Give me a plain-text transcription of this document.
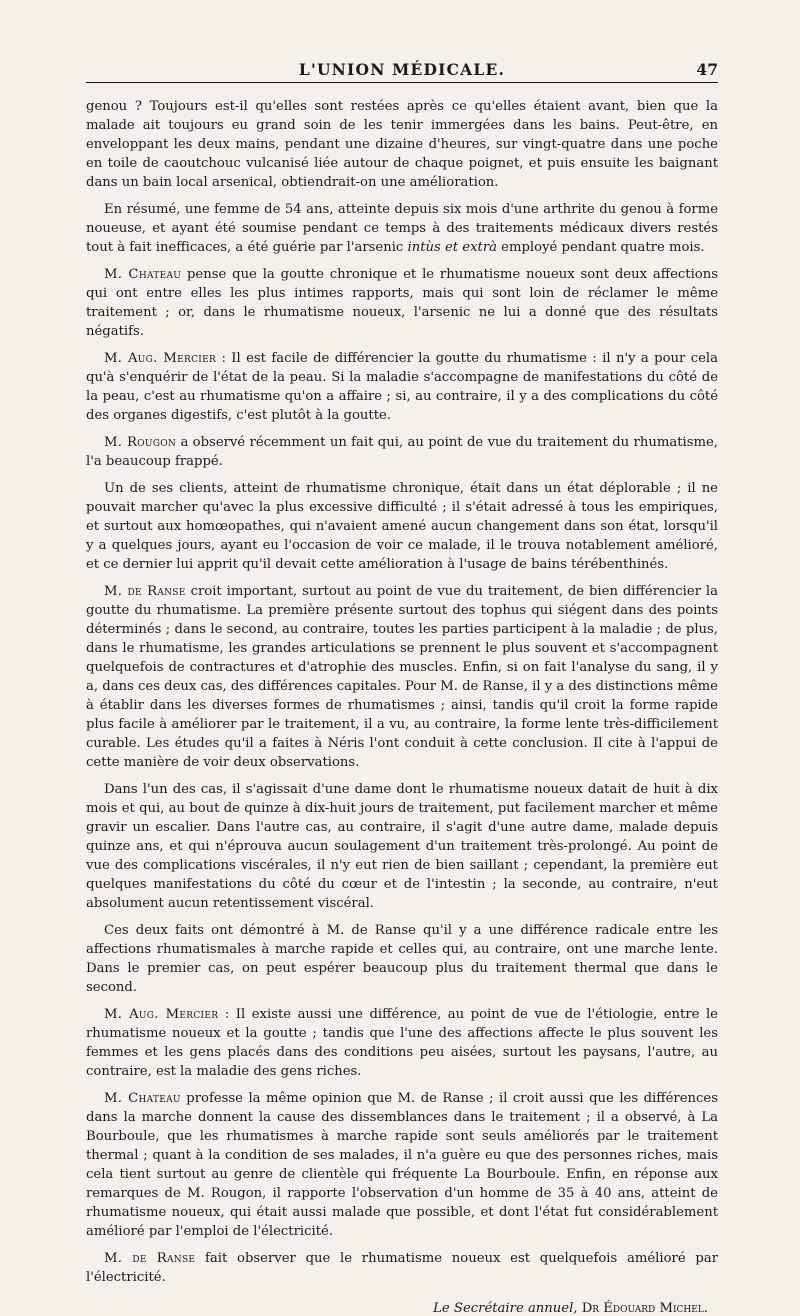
L'UNION MÉDICALE.	47

genou ? Toujours est-il qu'elles sont restées après ce qu'elles étaient avant, bien que la malade ait toujours eu grand soin de les tenir immergées dans les bains. Peut-être, en enveloppant les deux mains, pendant une dizaine d'heures, sur vingt-quatre dans une poche en toile de caoutchouc vulcanisé liée autour de chaque poignet, et puis ensuite les baignant dans un bain local arsenical, obtiendrait-on une amélioration.

En résumé, une femme de 54 ans, atteinte depuis six mois d'une arthrite du genou à forme noueuse, et ayant été soumise pendant ce temps à des traitements médicaux divers restés tout à fait inefficaces, a été guérie par l'arsenic intùs et extrà employé pendant quatre mois.

M. Chateau pense que la goutte chronique et le rhumatisme noueux sont deux affections qui ont entre elles les plus intimes rapports, mais qui sont loin de réclamer le même traitement ; or, dans le rhumatisme noueux, l'arsenic ne lui a donné que des résultats négatifs.

M. Aug. Mercier : Il est facile de différencier la goutte du rhumatisme : il n'y a pour cela qu'à s'enquérir de l'état de la peau. Si la maladie s'accompagne de manifestations du côté de la peau, c'est au rhumatisme qu'on a affaire ; si, au contraire, il y a des complications du côté des organes digestifs, c'est plutôt à la goutte.

M. Rougon a observé récemment un fait qui, au point de vue du traitement du rhumatisme, l'a beaucoup frappé.

Un de ses clients, atteint de rhumatisme chronique, était dans un état déplorable ; il ne pouvait marcher qu'avec la plus excessive difficulté ; il s'était adressé à tous les empiriques, et surtout aux homœopathes, qui n'avaient amené aucun changement dans son état, lorsqu'il y a quelques jours, ayant eu l'occasion de voir ce malade, il le trouva notablement amélioré, et ce dernier lui apprit qu'il devait cette amélioration à l'usage de bains térébenthinés.

M. de Ranse croit important, surtout au point de vue du traitement, de bien différencier la goutte du rhumatisme. La première présente surtout des tophus qui siégent dans des points déterminés ; dans le second, au contraire, toutes les parties participent à la maladie ; de plus, dans le rhumatisme, les grandes articulations se prennent le plus souvent et s'accompagnent quelquefois de contractures et d'atrophie des muscles. Enfin, si on fait l'analyse du sang, il y a, dans ces deux cas, des différences capitales. Pour M. de Ranse, il y a des distinctions même à établir dans les diverses formes de rhumatismes ; ainsi, tandis qu'il croit la forme rapide plus facile à améliorer par le traitement, il a vu, au contraire, la forme lente très-difficilement curable. Les études qu'il a faites à Néris l'ont conduit à cette conclusion. Il cite à l'appui de cette manière de voir deux observations.

Dans l'un des cas, il s'agissait d'une dame dont le rhumatisme noueux datait de huit à dix mois et qui, au bout de quinze à dix-huit jours de traitement, put facilement marcher et même gravir un escalier. Dans l'autre cas, au contraire, il s'agit d'une autre dame, malade depuis quinze ans, et qui n'éprouva aucun soulagement d'un traitement très-prolongé. Au point de vue des complications viscérales, il n'y eut rien de bien saillant ; cependant, la première eut quelques manifestations du côté du cœur et de l'intestin ; la seconde, au contraire, n'eut absolument aucun retentissement viscéral.

Ces deux faits ont démontré à M. de Ranse qu'il y a une différence radicale entre les affections rhumatismales à marche rapide et celles qui, au contraire, ont une marche lente. Dans le premier cas, on peut espérer beaucoup plus du traitement thermal que dans le second.

M. Aug. Mercier : Il existe aussi une différence, au point de vue de l'étiologie, entre le rhumatisme noueux et la goutte ; tandis que l'une des affections affecte le plus souvent les femmes et les gens placés dans des conditions peu aisées, surtout les paysans, l'autre, au contraire, est la maladie des gens riches.

M. Chateau professe la même opinion que M. de Ranse ; il croit aussi que les différences dans la marche donnent la cause des dissemblances dans le traitement ; il a observé, à La Bourboule, que les rhumatismes à marche rapide sont seuls améliorés par le traitement thermal ; quant à la condition de ses malades, il n'a guère eu que des personnes riches, mais cela tient surtout au genre de clientèle qui fréquente La Bourboule. Enfin, en réponse aux remarques de M. Rougon, il rapporte l'observation d'un homme de 35 à 40 ans, atteint de rhumatisme noueux, qui était aussi malade que possible, et dont l'état fut considérablement amélioré par l'emploi de l'électricité.

M. de Ranse fait observer que le rhumatisme noueux est quelquefois amélioré par l'électricité.

Le Secrétaire annuel, Dr Édouard Michel.
